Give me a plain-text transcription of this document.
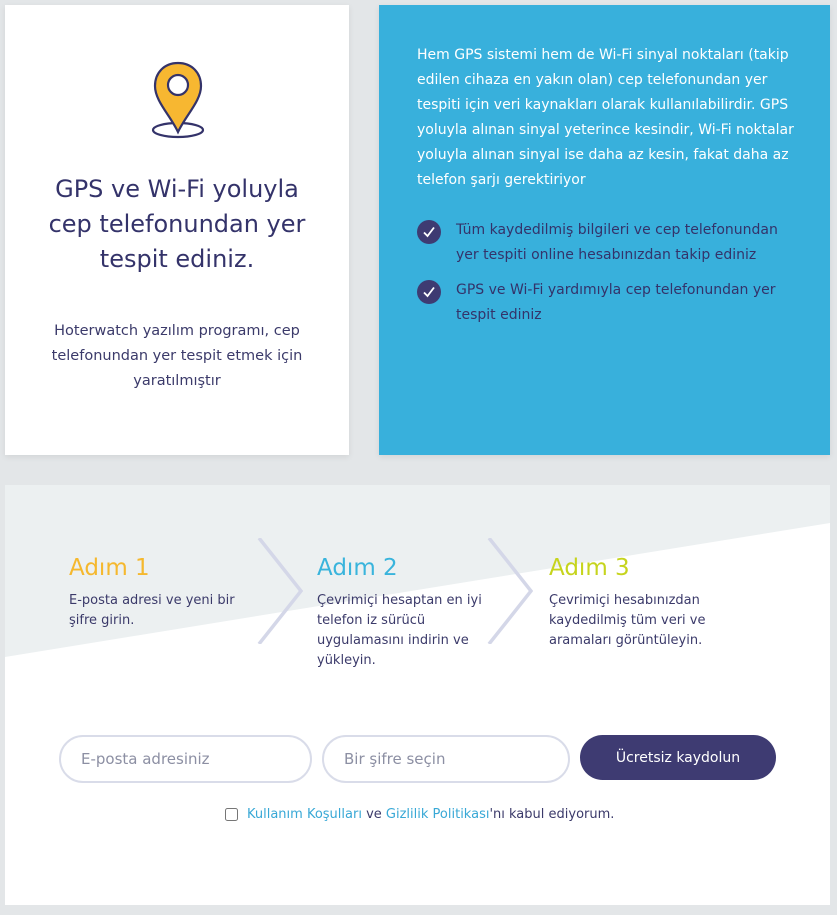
GPS ve Wi-Fi yoluyla cep telefonundan yer tespit ediniz.

Hoterwatch yazılım programı, cep telefonundan yer tespit etmek için yaratılmıştır

Hem GPS sistemi hem de Wi-Fi sinyal noktaları (takip edilen cihaza en yakın olan) cep telefonundan yer tespiti için veri kaynakları olarak kullanılabilirdir. GPS yoluyla alınan sinyal yeterince kesindir, Wi-Fi noktalar yoluyla alınan sinyal ise daha az kesin, fakat daha az telefon şarjı gerektiriyor

Tüm kaydedilmiş bilgileri ve cep telefonundan yer tespiti online hesabınızdan takip ediniz
GPS ve Wi-Fi yardımıyla cep telefonundan yer tespit ediniz
Adım 1
E-posta adresi ve yeni bir şifre girin.
Adım 2
Çevrimiçi hesaptan en iyi telefon iz sürücü uygulamasını indirin ve yükleyin.
Adım 3
Çevrimiçi hesabınızdan kaydedilmiş tüm veri ve aramaları görüntüleyin.
E-posta adresiniz
Ücretsiz kaydolun
Kullanım Koşulları ve Gizlilik Politikası 'nı kabul ediyorum.
